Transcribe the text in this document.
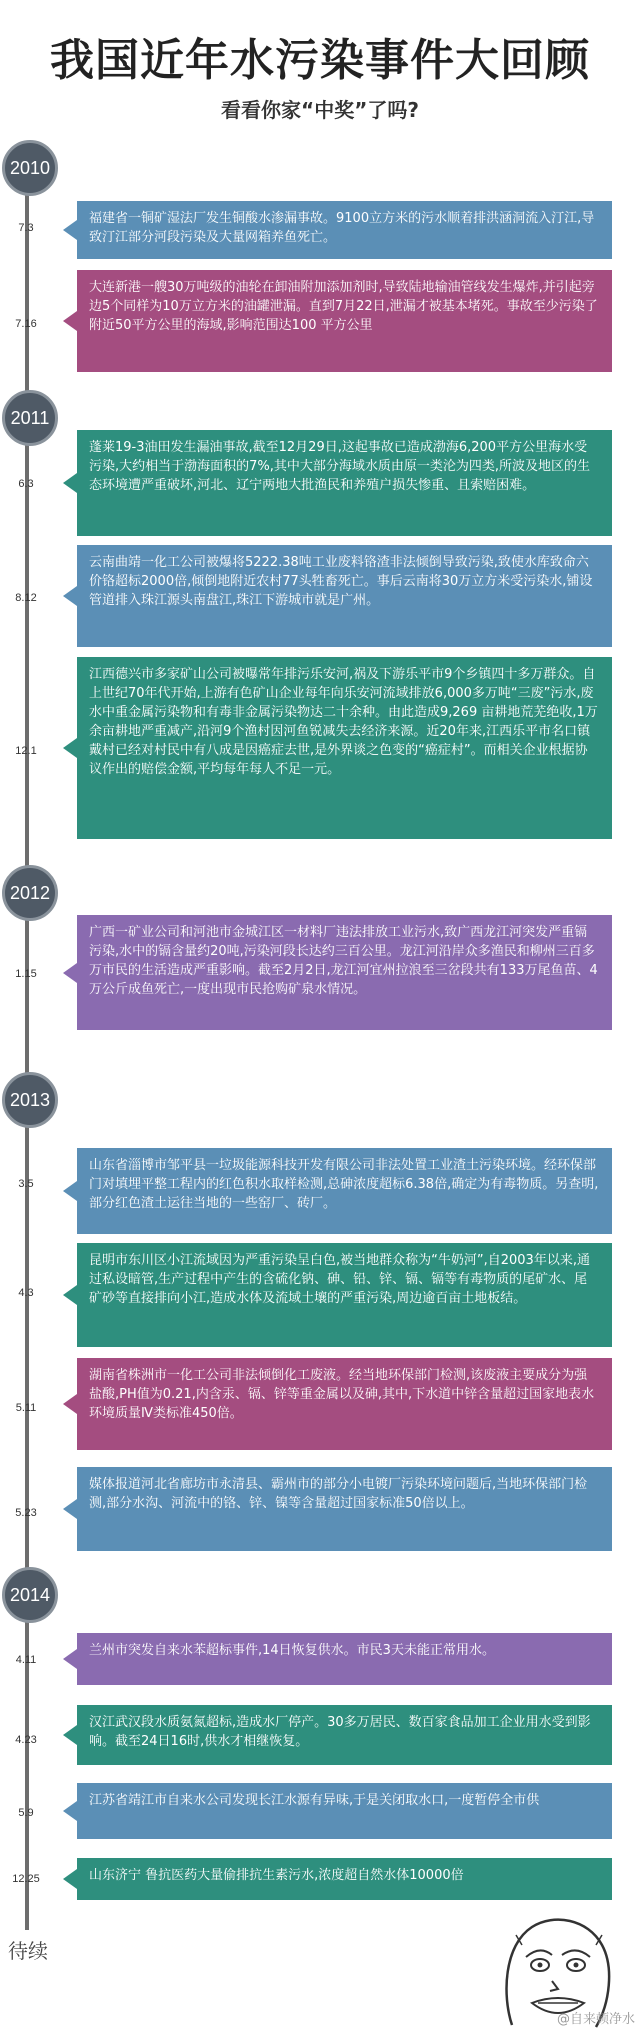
我国近年水污染事件大回顾
看看你家“中奖”了吗?
2010
2011
2012
2013
2014
7.3
福建省一铜矿湿法厂发生铜酸水渗漏事故。9100立方米的污水顺着排洪涵洞流入汀江,导致汀江部分河段污染及大量网箱养鱼死亡。
7.16
大连新港一艘30万吨级的油轮在卸油附加添加剂时,导致陆地输油管线发生爆炸,并引起旁边5个同样为10万立方米的油罐泄漏。直到7月22日,泄漏才被基本堵死。事故至少污染了附近50平方公里的海域,影响范围达100 平方公里
6.3
蓬莱19-3油田发生漏油事故,截至12月29日,这起事故已造成渤海6,200平方公里海水受污染,大约相当于渤海面积的7%,其中大部分海域水质由原一类沦为四类,所波及地区的生态环境遭严重破坏,河北、辽宁两地大批渔民和养殖户损失惨重、且索赔困难。
8.12
云南曲靖一化工公司被爆将5222.38吨工业废料铬渣非法倾倒导致污染,致使水库致命六价铬超标2000倍,倾倒地附近农村77头牲畜死亡。事后云南将30万立方米受污染水,铺设管道排入珠江源头南盘江,珠江下游城市就是广州。
12.1
江西德兴市多家矿山公司被曝常年排污乐安河,祸及下游乐平市9个乡镇四十多万群众。自上世纪70年代开始,上游有色矿山企业每年向乐安河流域排放6,000多万吨“三废”污水,废水中重金属污染物和有毒非金属污染物达二十余种。由此造成9,269 亩耕地荒芜绝收,1万余亩耕地严重减产,沿河9个渔村因河鱼锐减失去经济来源。近20年来,江西乐平市名口镇戴村已经对村民中有八成是因癌症去世,是外界谈之色变的“癌症村”。而相关企业根据协议作出的赔偿金额,平均每年每人不足一元。
1.15
广西一矿业公司和河池市金城江区一材料厂违法排放工业污水,致广西龙江河突发严重镉污染,水中的镉含量约20吨,污染河段长达约三百公里。龙江河沿岸众多渔民和柳州三百多万市民的生活造成严重影响。截至2月2日,龙江河宜州拉浪至三岔段共有133万尾鱼苗、4万公斤成鱼死亡,一度出现市民抢购矿泉水情况。
3.5
山东省淄博市邹平县一垃圾能源科技开发有限公司非法处置工业渣土污染环境。经环保部门对填埋平整工程内的红色积水取样检测,总砷浓度超标6.38倍,确定为有毒物质。另查明,部分红色渣土运往当地的一些窑厂、砖厂。
4.3
昆明市东川区小江流域因为严重污染呈白色,被当地群众称为“牛奶河”,自2003年以来,通过私设暗管,生产过程中产生的含硫化钠、砷、铅、锌、镉、镉等有毒物质的尾矿水、尾矿砂等直接排向小江,造成水体及流域土壤的严重污染,周边逾百亩土地板结。
5.11
湖南省株洲市一化工公司非法倾倒化工废液。经当地环保部门检测,该废液主要成分为强盐酸,PH值为0.21,内含汞、镉、锌等重金属以及砷,其中,下水道中锌含量超过国家地表水环境质量Ⅳ类标准450倍。
5.23
媒体报道河北省廊坊市永清县、霸州市的部分小电镀厂污染环境问题后,当地环保部门检测,部分水沟、河流中的铬、锌、镍等含量超过国家标准50倍以上。
4.11
兰州市突发自来水苯超标事件,14日恢复供水。市民3天未能正常用水。
4.23
汉江武汉段水质氨氮超标,造成水厂停产。30多万居民、数百家食品加工企业用水受到影响。截至24日16时,供水才相继恢复。
5.9
江苏省靖江市自来水公司发现长江水源有异味,于是关闭取水口,一度暂停全市供
12.25	山东济宁 鲁抗医药大量偷排抗生素污水,浓度超自然水体10000倍
待续
@自来顿净水
